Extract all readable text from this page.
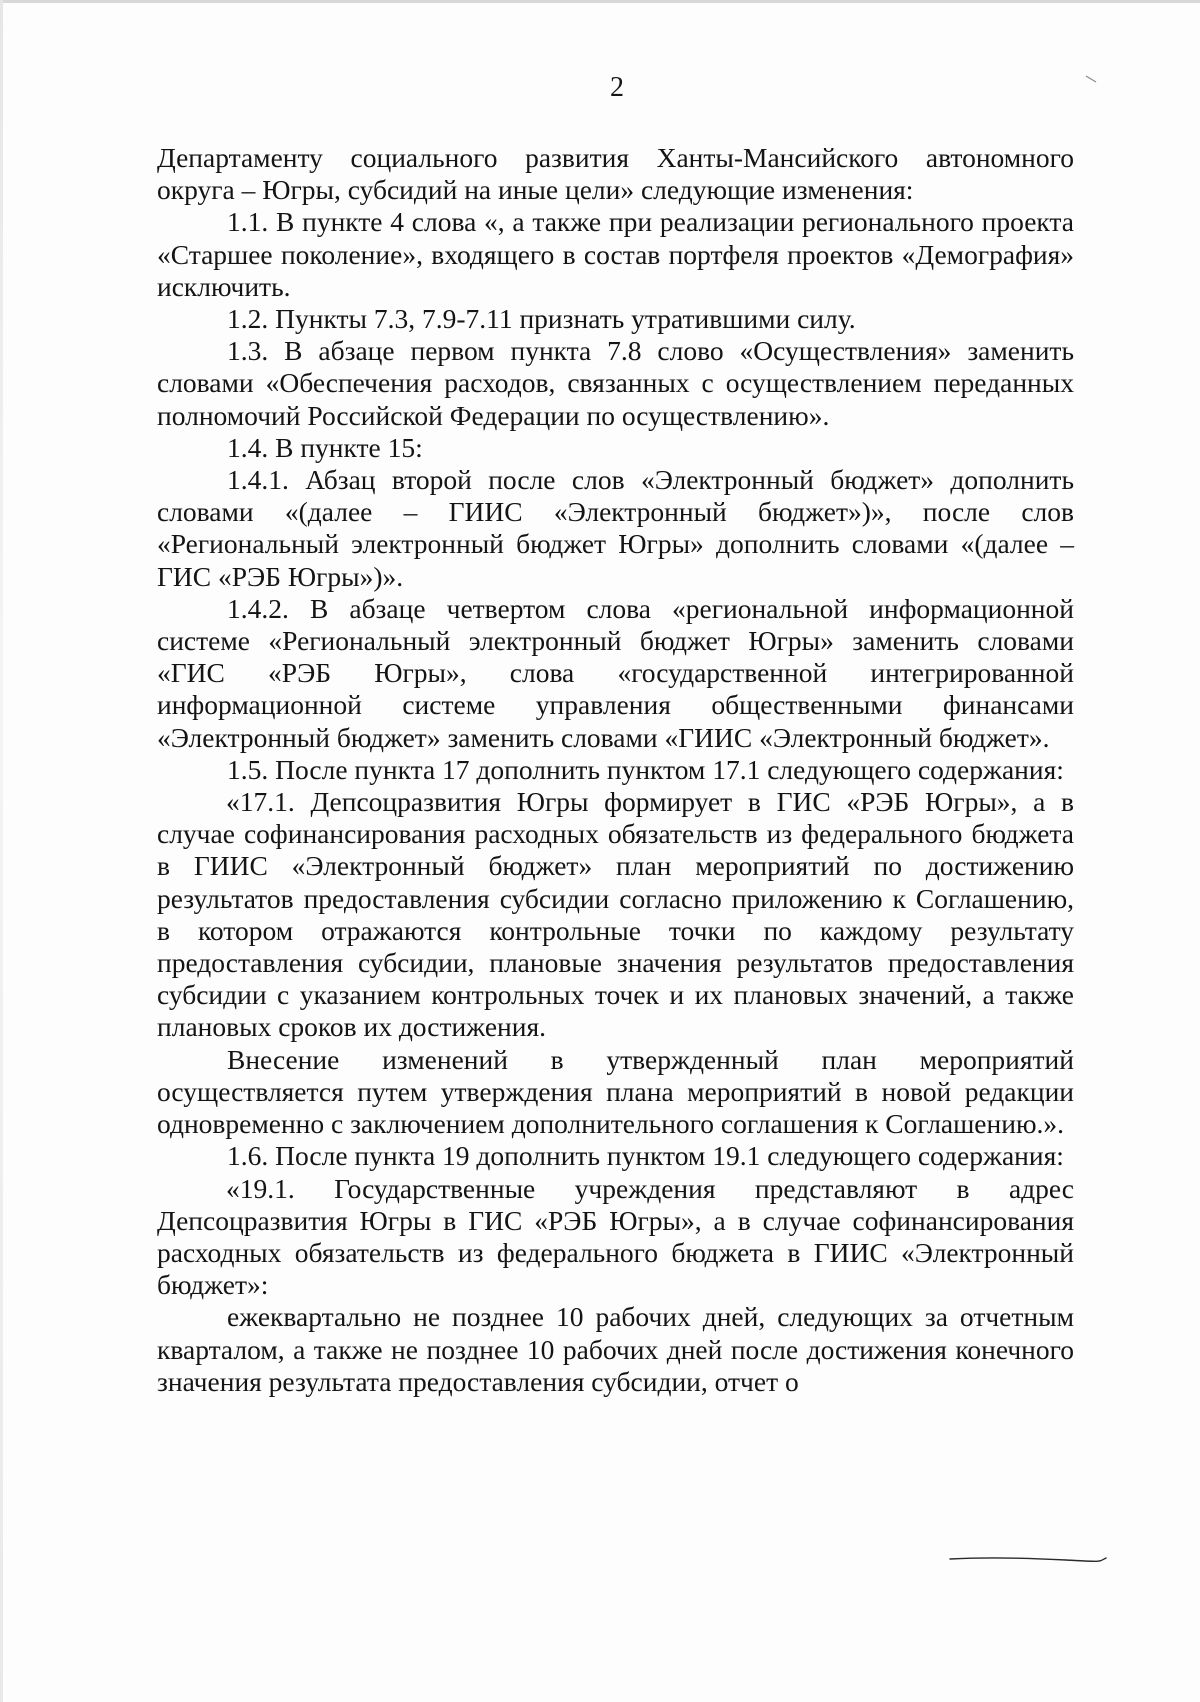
2

Департаменту социального развития Ханты-Мансийского автономного округа – Югры, субсидий на иные цели» следующие изменения:

1.1. В пункте 4 слова «, а также при реализации регионального проекта «Старшее поколение», входящего в состав портфеля проектов «Демография» исключить.

1.2. Пункты 7.3, 7.9-7.11 признать утратившими силу.

1.3. В абзаце первом пункта 7.8 слово «Осуществления» заменить словами «Обеспечения расходов, связанных с осуществлением переданных полномочий Российской Федерации по осуществлению».

1.4. В пункте 15:

1.4.1. Абзац второй после слов «Электронный бюджет» дополнить словами «(далее – ГИИС «Электронный бюджет»)», после слов «Региональный электронный бюджет Югры» дополнить словами «(далее – ГИС «РЭБ Югры»)».

1.4.2. В абзаце четвертом слова «региональной информационной системе «Региональный электронный бюджет Югры» заменить словами «ГИС «РЭБ Югры», слова «государственной интегрированной информационной системе управления общественными финансами «Электронный бюджет» заменить словами «ГИИС «Электронный бюджет».

1.5. После пункта 17 дополнить пунктом 17.1 следующего содержания:

«17.1. Депсоцразвития Югры формирует в ГИС «РЭБ Югры», а в случае софинансирования расходных обязательств из федерального бюджета в ГИИС «Электронный бюджет» план мероприятий по достижению результатов предоставления субсидии согласно приложению к Соглашению, в котором отражаются контрольные точки по каждому результату предоставления субсидии, плановые значения результатов предоставления субсидии с указанием контрольных точек и их плановых значений, а также плановых сроков их достижения.

Внесение изменений в утвержденный план мероприятий осуществляется путем утверждения плана мероприятий в новой редакции одновременно с заключением дополнительного соглашения к Соглашению.».

1.6. После пункта 19 дополнить пунктом 19.1 следующего содержания:

«19.1. Государственные учреждения представляют в адрес Депсоцразвития Югры в ГИС «РЭБ Югры», а в случае софинансирования расходных обязательств из федерального бюджета в ГИИС «Электронный бюджет»:

ежеквартально не позднее 10 рабочих дней, следующих за отчетным кварталом, а также не позднее 10 рабочих дней после достижения конечного значения результата предоставления субсидии, отчет о
